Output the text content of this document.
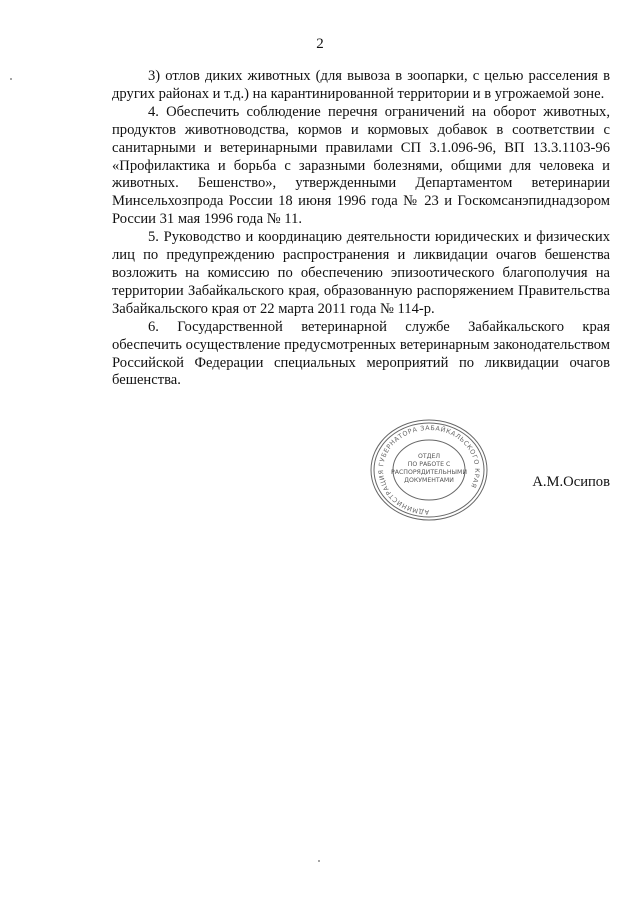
2

3) отлов диких животных (для вывоза в зоопарки, с целью расселения в других районах и т.д.) на карантинированной территории и в угрожаемой зоне.

4. Обеспечить соблюдение перечня ограничений на оборот животных, продуктов животноводства, кормов и кормовых добавок в соответствии с санитарными и ветеринарными правилами СП 3.1.096-96, ВП 13.3.1103-96 «Профилактика и борьба с заразными болезнями, общими для человека и животных. Бешенство», утвержденными Департаментом ветеринарии Минсельхозпрода России 18 июня 1996 года № 23 и Госкомсанэпиднадзором России 31 мая 1996 года № 11.

5. Руководство и координацию деятельности юридических и физических лиц по предупреждению распространения и ликвидации очагов бешенства возложить на комиссию по обеспечению эпизоотического благополучия на территории Забайкальского края, образованную распоряжением Правительства Забайкальского края от 22 марта 2011 года № 114-р.

6. Государственной ветеринарной службе Забайкальского края обеспечить осуществление предусмотренных ветеринарным законодательством Российской Федерации специальных мероприятий по ликвидации очагов бешенства.

АДМИНИСТРАЦИЯ ГУБЕРНАТОРА ЗАБАЙКАЛЬСКОГО КРАЯ
ОТДЕЛ
ПО РАБОТЕ С
РАСПОРЯДИТЕЛЬНЫМИ
ДОКУМЕНТАМИ	А.М.Осипов
